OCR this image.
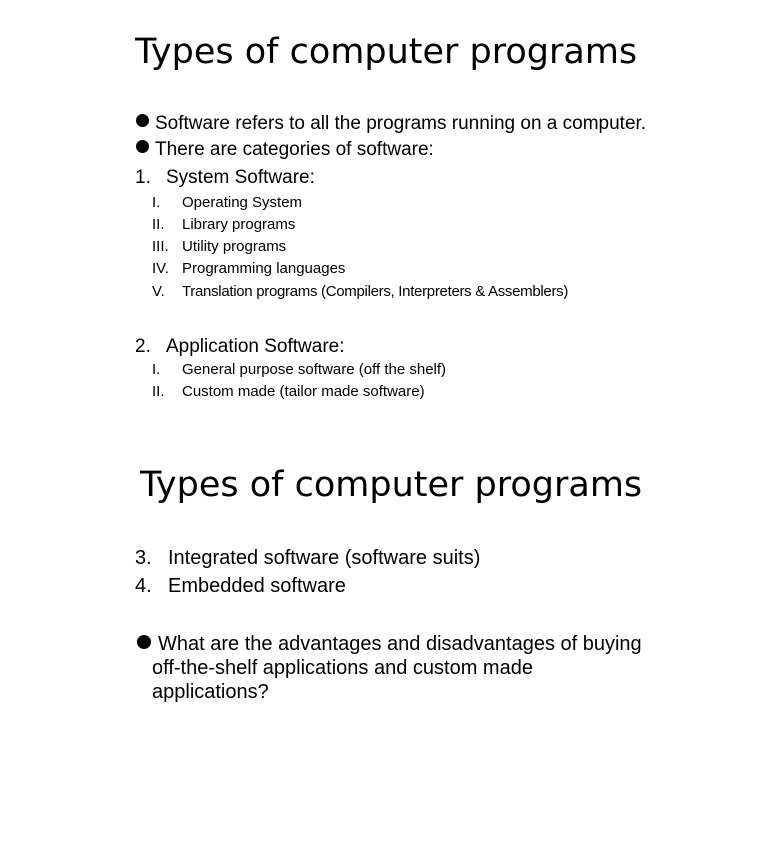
Types of computer programs
Software refers to all the programs running on a computer.
There are categories of software:
1. System Software:
I. Operating System
II. Library programs
III. Utility programs
IV. Programming languages
V. Translation programs (Compilers, Interpreters & Assemblers)
2. Application Software:
I. General purpose software (off the shelf)
II. Custom made (tailor made software)
Types of computer programs
3. Integrated software (software suits)
4. Embedded software
What are the advantages and disadvantages of buying
off-the-shelf applications and custom made
applications?
